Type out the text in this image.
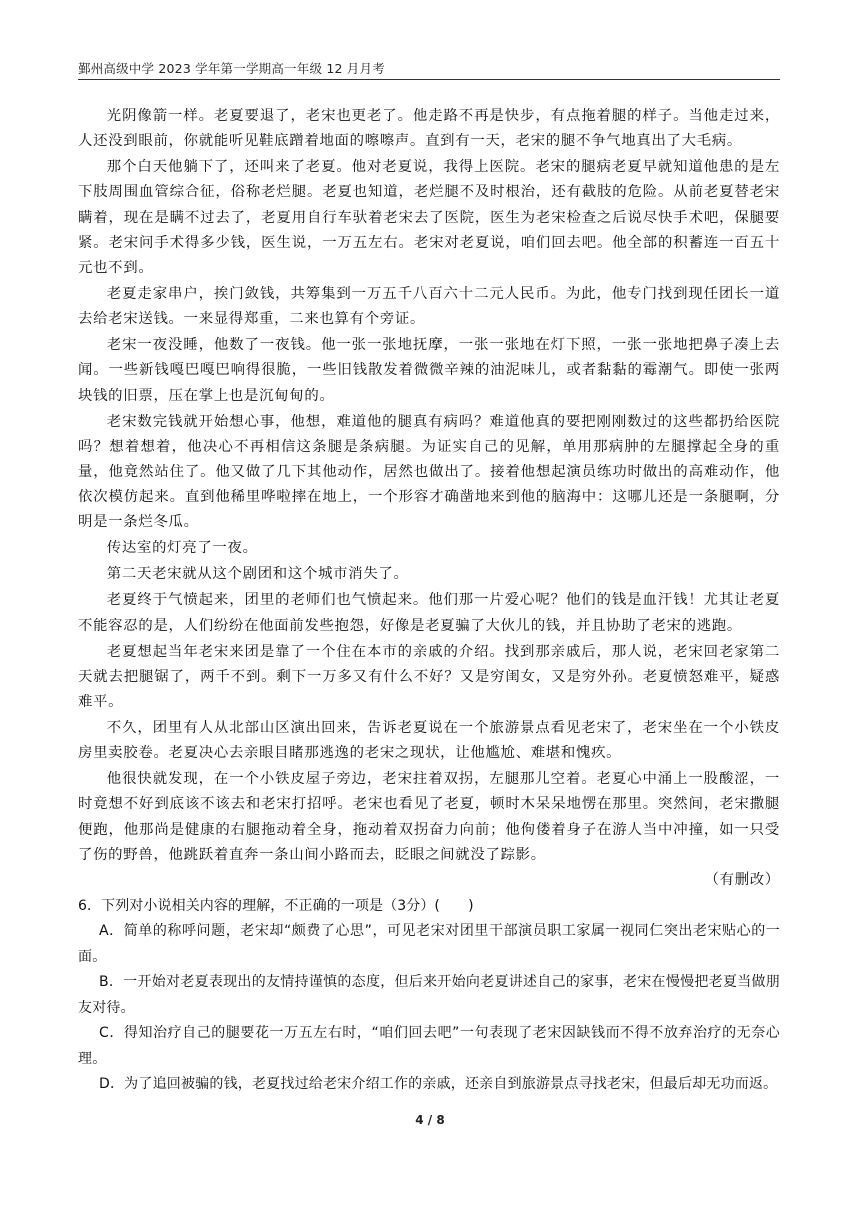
鄞州高级中学 2023 学年第一学期高一年级 12 月月考

光阴像箭一样。老夏要退了，老宋也更老了。他走路不再是快步，有点拖着腿的样子。当他走过来，人还没到眼前，你就能听见鞋底蹭着地面的嚓嚓声。直到有一天，老宋的腿不争气地真出了大毛病。

那个白天他躺下了，还叫来了老夏。他对老夏说，我得上医院。老宋的腿病老夏早就知道他患的是左下肢周围血管综合征，俗称老烂腿。老夏也知道，老烂腿不及时根治，还有截肢的危险。从前老夏替老宋瞒着，现在是瞒不过去了，老夏用自行车驮着老宋去了医院，医生为老宋检查之后说尽快手术吧，保腿要紧。老宋问手术得多少钱，医生说，一万五左右。老宋对老夏说，咱们回去吧。他全部的积蓄连一百五十元也不到。

老夏走家串户，挨门敛钱，共筹集到一万五千八百六十二元人民币。为此，他专门找到现任团长一道去给老宋送钱。一来显得郑重，二来也算有个旁证。

老宋一夜没睡，他数了一夜钱。他一张一张地抚摩，一张一张地在灯下照，一张一张地把鼻子凑上去闻。一些新钱嘎巴嘎巴响得很脆，一些旧钱散发着微微辛辣的油泥味儿，或者黏黏的霉潮气。即使一张两块钱的旧票，压在掌上也是沉甸甸的。

老宋数完钱就开始想心事，他想，难道他的腿真有病吗？难道他真的要把刚刚数过的这些都扔给医院吗？想着想着，他决心不再相信这条腿是条病腿。为证实自己的见解，单用那病肿的左腿撑起全身的重量，他竟然站住了。他又做了几下其他动作，居然也做出了。接着他想起演员练功时做出的高难动作，他依次模仿起来。直到他稀里哗啦摔在地上，一个形容才确凿地来到他的脑海中：这哪儿还是一条腿啊，分明是一条烂冬瓜。

传达室的灯亮了一夜。

第二天老宋就从这个剧团和这个城市消失了。

老夏终于气愤起来，团里的老师们也气愤起来。他们那一片爱心呢？他们的钱是血汗钱！尤其让老夏不能容忍的是，人们纷纷在他面前发些抱怨，好像是老夏骗了大伙儿的钱，并且协助了老宋的逃跑。

老夏想起当年老宋来团是靠了一个住在本市的亲戚的介绍。找到那亲戚后，那人说，老宋回老家第二天就去把腿锯了，两千不到。剩下一万多又有什么不好？又是穷闺女，又是穷外孙。老夏愤怒难平，疑惑难平。

不久，团里有人从北部山区演出回来，告诉老夏说在一个旅游景点看见老宋了，老宋坐在一个小铁皮房里卖胶卷。老夏决心去亲眼目睹那逃逸的老宋之现状，让他尴尬、难堪和愧疚。

他很快就发现，在一个小铁皮屋子旁边，老宋拄着双拐，左腿那儿空着。老夏心中涌上一股酸涩，一时竟想不好到底该不该去和老宋打招呼。老宋也看见了老夏，顿时木呆呆地愣在那里。突然间，老宋撒腿便跑，他那尚是健康的右腿拖动着全身，拖动着双拐奋力向前；他佝偻着身子在游人当中冲撞，如一只受了伤的野兽，他跳跃着直奔一条山间小路而去，眨眼之间就没了踪影。

（有删改）

6．下列对小说相关内容的理解，不正确的一项是（3分）(　　)

A．简单的称呼问题，老宋却“颇费了心思”，可见老宋对团里干部演员职工家属一视同仁突出老宋贴心的一面。

B．一开始对老夏表现出的友情持谨慎的态度，但后来开始向老夏讲述自己的家事，老宋在慢慢把老夏当做朋友对待。

C．得知治疗自己的腿要花一万五左右时，“咱们回去吧”一句表现了老宋因缺钱而不得不放弃治疗的无奈心理。

D．为了追回被骗的钱，老夏找过给老宋介绍工作的亲戚，还亲自到旅游景点寻找老宋，但最后却无功而返。

4 / 8
